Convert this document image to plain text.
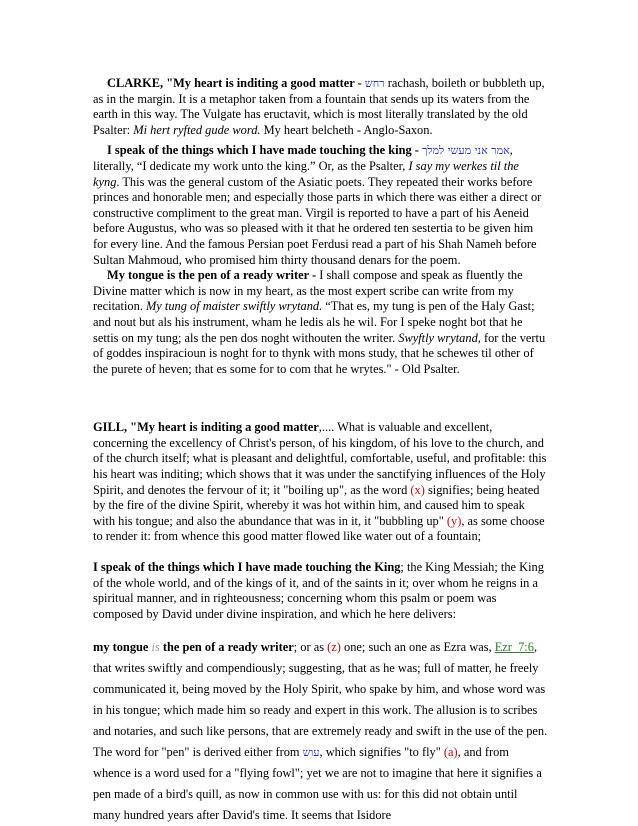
CLARKE, "My heart is inditing a good matter - רחש rachash, boileth or bubbleth up, as in the margin. It is a metaphor taken from a fountain that sends up its waters from the earth in this way. The Vulgate has eructavit, which is most literally translated by the old Psalter: Mi hert ryfted gude word. My heart belcheth - Anglo-Saxon.

I speak of the things which I have made touching the king - אמר אני מעשי למלך, literally, “I dedicate my work unto the king.” Or, as the Psalter, I say my werkes til the kyng. This was the general custom of the Asiatic poets. They repeated their works before princes and honorable men; and especially those parts in which there was either a direct or constructive compliment to the great man. Virgil is reported to have a part of his Aeneid before Augustus, who was so pleased with it that he ordered ten sestertia to be given him for every line. And the famous Persian poet Ferdusi read a part of his Shah Nameh before Sultan Mahmoud, who promised him thirty thousand denars for the poem.

My tongue is the pen of a ready writer - I shall compose and speak as fluently the Divine matter which is now in my heart, as the most expert scribe can write from my recitation. My tung of maister swiftly wrytand. “That es, my tung is pen of the Haly Gast; and nout but als his instrument, wham he ledis als he wil. For I speke noght bot that he settis on my tung; als the pen dos noght withouten the writer. Swyftly wrytand, for the vertu of goddes inspiracioun is noght for to thynk with mons study, that he schewes til other of the purete of heven; that es some for to com that he wrytes." - Old Psalter.

GILL, "My heart is inditing a good matter,.... What is valuable and excellent, concerning the excellency of Christ's person, of his kingdom, of his love to the church, and of the church itself; what is pleasant and delightful, comfortable, useful, and profitable: this his heart was inditing; which shows that it was under the sanctifying influences of the Holy Spirit, and denotes the fervour of it; it "boiling up", as the word (x) signifies; being heated by the fire of the divine Spirit, whereby it was hot within him, and caused him to speak with his tongue; and also the abundance that was in it, it "bubbling up" (y), as some choose to render it: from whence this good matter flowed like water out of a fountain;

I speak of the things which I have made touching the King; the King Messiah; the King of the whole world, and of the kings of it, and of the saints in it; over whom he reigns in a spiritual manner, and in righteousness; concerning whom this psalm or poem was composed by David under divine inspiration, and which he here delivers:

my tongue is the pen of a ready writer; or as (z) one; such an one as Ezra was, Ezr_7:6, that writes swiftly and compendiously; suggesting, that as he was; full of matter, he freely communicated it, being moved by the Holy Spirit, who spake by him, and whose word was in his tongue; which made him so ready and expert in this work. The allusion is to scribes and notaries, and such like persons, that are extremely ready and swift in the use of the pen. The word for "pen" is derived either from עוש, which signifies "to fly" (a), and from whence is a word used for a "flying fowl"; yet we are not to imagine that here it signifies a pen made of a bird's quill, as now in common use with us: for this did not obtain until many hundred years after David's time. It seems that Isidore
